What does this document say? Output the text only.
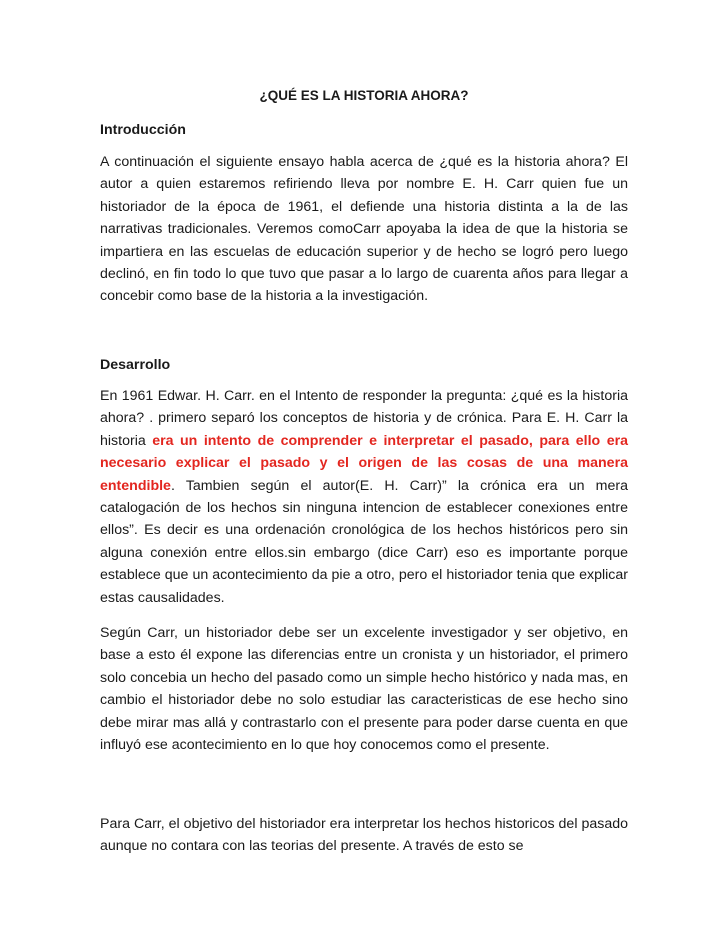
¿QUÉ ES LA HISTORIA AHORA?
Introducción
A continuación el siguiente ensayo habla acerca de ¿qué es la historia ahora? El autor a quien estaremos refiriendo lleva por nombre E. H. Carr quien fue un historiador de la época de 1961, el defiende una historia distinta a la de las narrativas tradicionales. Veremos comoCarr apoyaba la idea de que la historia se impartiera en las escuelas de educación superior y de hecho se logró pero luego declinó, en fin todo lo que tuvo que pasar a lo largo de cuarenta años para llegar a concebir como base de la historia a la investigación.
Desarrollo
En 1961 Edwar. H. Carr. en el Intento de responder la pregunta: ¿qué es la historia ahora? . primero separó los conceptos de historia y de crónica. Para E. H. Carr la historia era un intento de comprender e interpretar el pasado, para ello era necesario explicar el pasado y el origen de las cosas de una manera entendible. Tambien según el autor(E. H. Carr)” la crónica era un mera catalogación de los hechos sin ninguna intencion de establecer conexiones entre ellos”. Es decir es una ordenación cronológica de los hechos históricos pero sin alguna conexión entre ellos.sin embargo (dice Carr) eso es importante porque establece que un acontecimiento da pie a otro, pero el historiador tenia que explicar estas causalidades.
Según Carr, un historiador debe ser un excelente investigador y ser objetivo, en base a esto él expone las diferencias entre un cronista y un historiador, el primero solo concebia un hecho del pasado como un simple hecho histórico y nada mas, en cambio el historiador debe no solo estudiar las caracteristicas de ese hecho sino debe mirar mas allá y contrastarlo con el presente para poder darse cuenta en que influyó ese acontecimiento en lo que hoy conocemos como el presente.
Para Carr, el objetivo del historiador era interpretar los hechos historicos del pasado aunque no contara con las teorias del presente. A través de esto se
